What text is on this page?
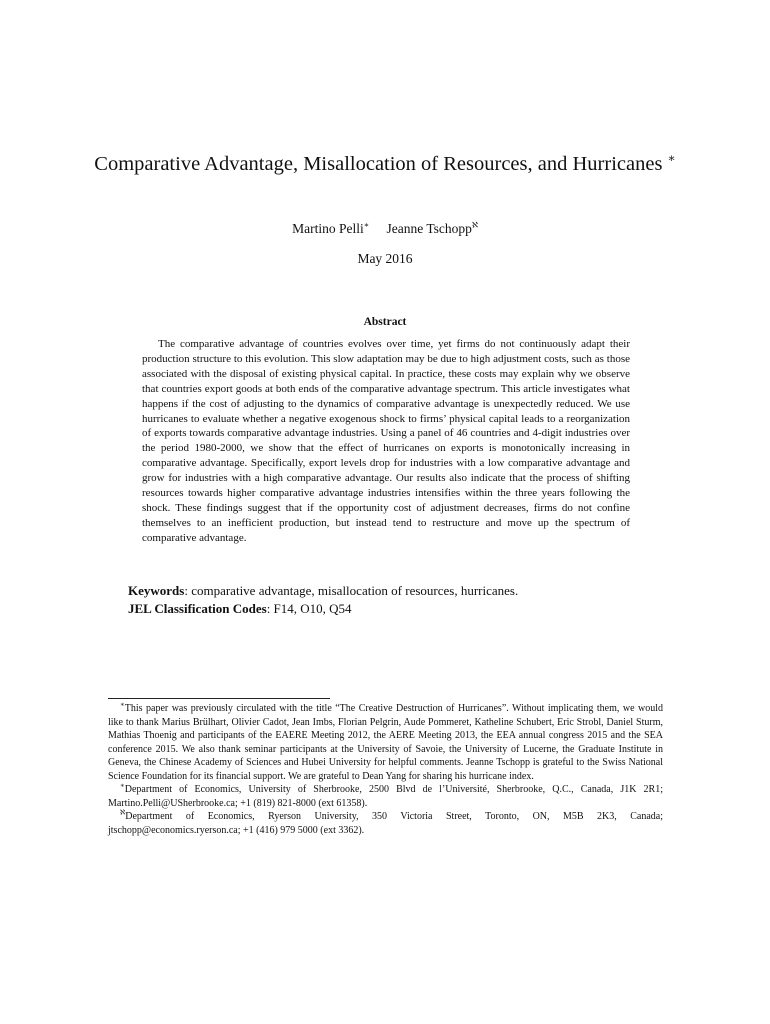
Comparative Advantage, Misallocation of Resources, and Hurricanes ∗
Martino Pelli∗ Jeanne Tschopp$^ℵ$
May 2016
Abstract

The comparative advantage of countries evolves over time, yet firms do not continuously adapt their production structure to this evolution. This slow adaptation may be due to high adjustment costs, such as those associated with the disposal of existing physical capital. In practice, these costs may explain why we observe that countries export goods at both ends of the comparative advantage spectrum. This article investigates what happens if the cost of adjusting to the dynamics of comparative advantage is unexpectedly reduced. We use hurricanes to evaluate whether a negative exogenous shock to firms’ physical capital leads to a reorganization of exports towards comparative advantage industries. Using a panel of 46 countries and 4-digit industries over the period 1980-2000, we show that the effect of hurricanes on exports is monotonically increasing in comparative advantage. Specifically, export levels drop for industries with a low comparative advantage and grow for industries with a high comparative advantage. Our results also indicate that the process of shifting resources towards higher comparative advantage industries intensifies within the three years following the shock. These findings suggest that if the opportunity cost of adjustment decreases, firms do not confine themselves to an inefficient production, but instead tend to restructure and move up the spectrum of comparative advantage.

Keywords: comparative advantage, misallocation of resources, hurricanes.
JEL Classification Codes: F14, O10, Q54

∗This paper was previously circulated with the title “The Creative Destruction of Hurricanes”. Without implicating them, we would like to thank Marius Brülhart, Olivier Cadot, Jean Imbs, Florian Pelgrin, Aude Pommeret, Katheline Schubert, Eric Strobl, Daniel Sturm, Mathias Thoenig and participants of the EAERE Meeting 2012, the AERE Meeting 2013, the EEA annual congress 2015 and the SEA conference 2015. We also thank seminar participants at the University of Savoie, the University of Lucerne, the Graduate Institute in Geneva, the Chinese Academy of Sciences and Hubei University for helpful comments. Jeanne Tschopp is grateful to the Swiss National Science Foundation for its financial support. We are grateful to Dean Yang for sharing his hurricane index.

∗Department of Economics, University of Sherbrooke, 2500 Blvd de l’Université, Sherbrooke, Q.C., Canada, J1K 2R1; Martino.Pelli@USherbrooke.ca; +1 (819) 821-8000 (ext 61358).

$^ℵ$Department of Economics, Ryerson University, 350 Victoria Street, Toronto, ON, M5B 2K3, Canada; jtschopp@economics.ryerson.ca; +1 (416) 979 5000 (ext 3362).
